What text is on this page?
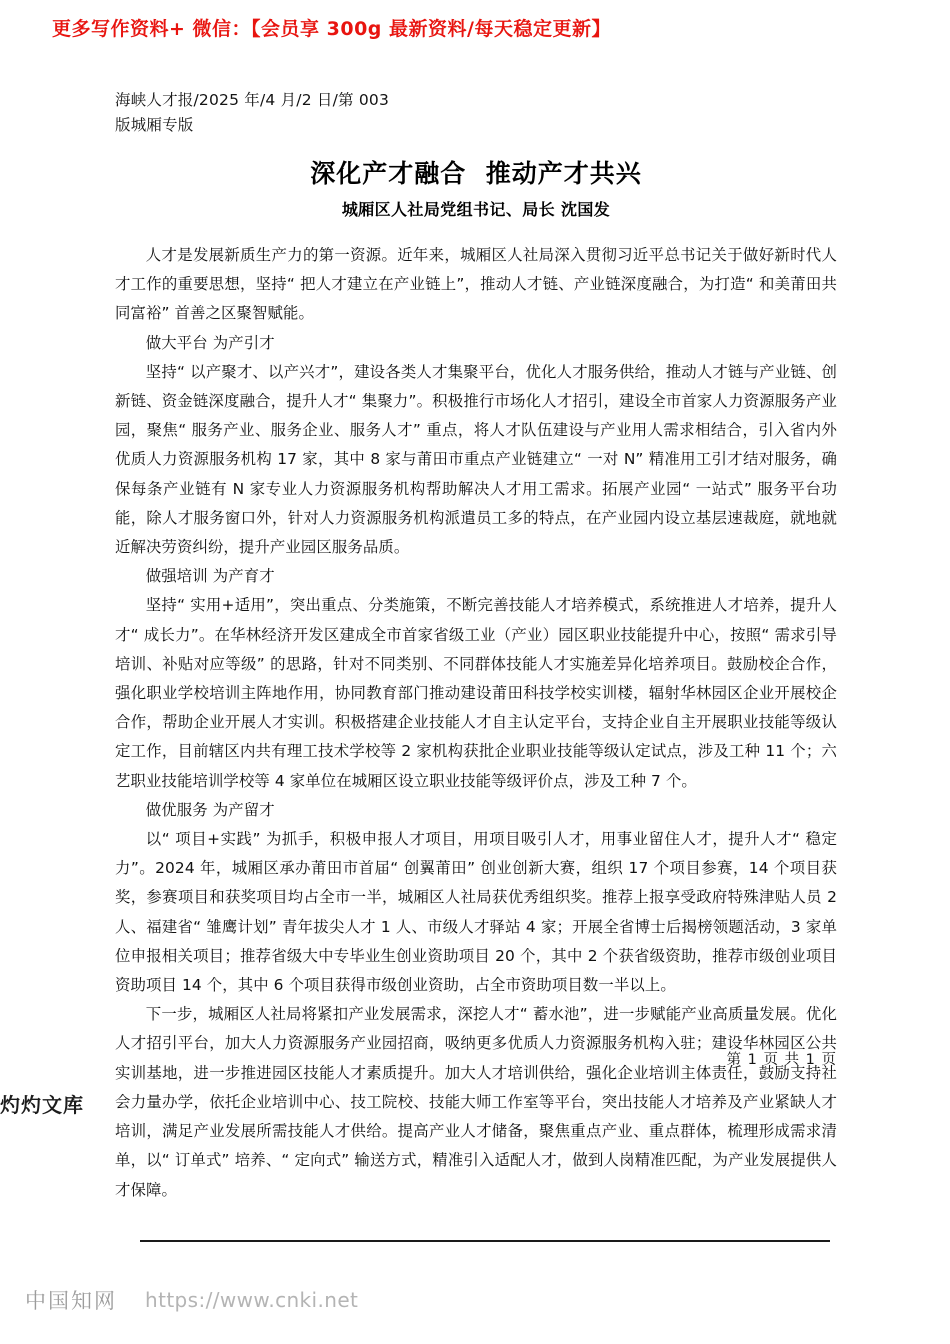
更多写作资料+ 微信：【会员享 300g 最新资料/每天稳定更新】
海峡人才报/2025 年/4 月/2 日/第 003
版城厢专版
深化产才融合  推动产才共兴
城厢区人社局党组书记、局长 沈国发

人才是发展新质生产力的第一资源。近年来，城厢区人社局深入贯彻习近平总书记关于做好新时代人才工作的重要思想，坚持“ 把人才建立在产业链上”，推动人才链、产业链深度融合，为打造“ 和美莆田共同富裕” 首善之区聚智赋能。

做大平台 为产引才

坚持“ 以产聚才、以产兴才”，建设各类人才集聚平台，优化人才服务供给，推动人才链与产业链、创新链、资金链深度融合，提升人才“ 集聚力”。积极推行市场化人才招引，建设全市首家人力资源服务产业园，聚焦“ 服务产业、服务企业、服务人才” 重点，将人才队伍建设与产业用人需求相结合，引入省内外优质人力资源服务机构 17 家，其中 8 家与莆田市重点产业链建立“ 一对 N” 精准用工引才结对服务，确保每条产业链有 N 家专业人力资源服务机构帮助解决人才用工需求。拓展产业园“ 一站式” 服务平台功能，除人才服务窗口外，针对人力资源服务机构派遣员工多的特点，在产业园内设立基层速裁庭，就地就近解决劳资纠纷，提升产业园区服务品质。

做强培训 为产育才

坚持“ 实用+适用”，突出重点、分类施策，不断完善技能人才培养模式，系统推进人才培养，提升人才“ 成长力”。在华林经济开发区建成全市首家省级工业（产业）园区职业技能提升中心，按照“ 需求引导培训、补贴对应等级” 的思路，针对不同类别、不同群体技能人才实施差异化培养项目。鼓励校企合作，强化职业学校培训主阵地作用，协同教育部门推动建设莆田科技学校实训楼，辐射华林园区企业开展校企合作，帮助企业开展人才实训。积极搭建企业技能人才自主认定平台，支持企业自主开展职业技能等级认定工作，目前辖区内共有理工技术学校等 2 家机构获批企业职业技能等级认定试点，涉及工种 11 个；六艺职业技能培训学校等 4 家单位在城厢区设立职业技能等级评价点，涉及工种 7 个。

做优服务 为产留才

以“ 项目+实践” 为抓手，积极申报人才项目，用项目吸引人才，用事业留住人才，提升人才“ 稳定力”。2024 年，城厢区承办莆田市首届“ 创翼莆田” 创业创新大赛，组织 17 个项目参赛，14 个项目获奖，参赛项目和获奖项目均占全市一半，城厢区人社局获优秀组织奖。推荐上报享受政府特殊津贴人员 2 人、福建省“ 雏鹰计划” 青年拔尖人才 1 人、市级人才驿站 4 家；开展全省博士后揭榜领题活动，3 家单位申报相关项目；推荐省级大中专毕业生创业资助项目 20 个，其中 2 个获省级资助，推荐市级创业项目资助项目 14 个，其中 6 个项目获得市级创业资助，占全市资助项目数一半以上。

下一步，城厢区人社局将紧扣产业发展需求，深挖人才“ 蓄水池”，进一步赋能产业高质量发展。优化人才招引平台，加大人力资源服务产业园招商，吸纳更多优质人力资源服务机构入驻；建设华林园区公共实训基地，进一步推进园区技能人才素质提升。加大人才培训供给，强化企业培训主体责任，鼓励支持社会力量办学，依托企业培训中心、技工院校、技能大师工作室等平台，突出技能人才培养及产业紧缺人才培训，满足产业发展所需技能人才供给。提高产业人才储备，聚焦重点产业、重点群体，梳理形成需求清单，以“ 订单式” 培养、“ 定向式” 输送方式，精准引入适配人才，做到人岗精准匹配，为产业发展提供人才保障。

第 1 页 共 1 页
灼灼文库
中国知网 https://www.cnki.net
